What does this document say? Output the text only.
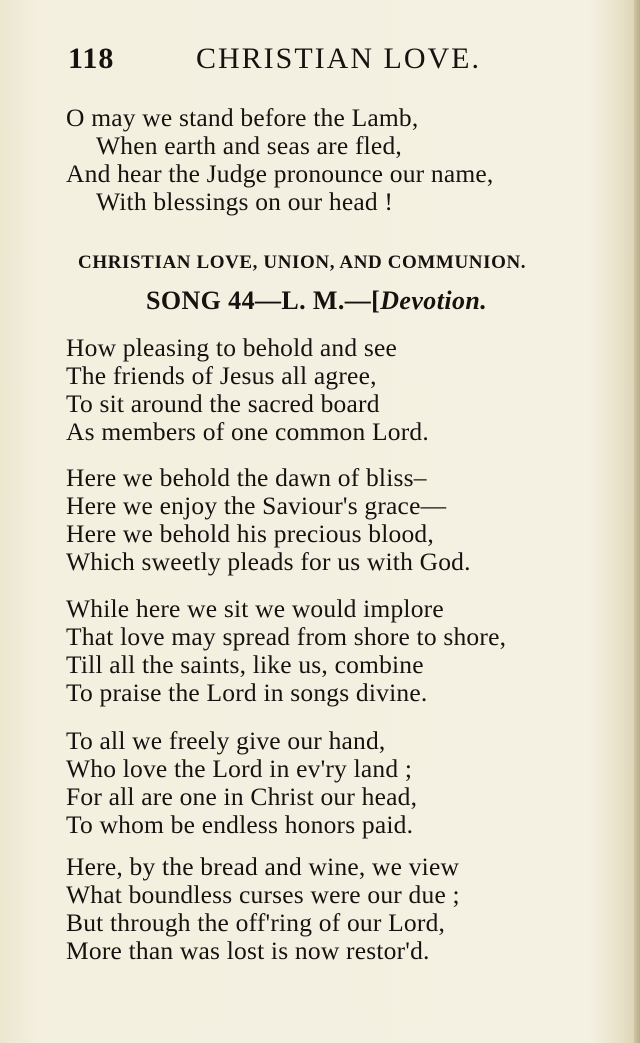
118	CHRISTIAN LOVE.
O may we stand before the Lamb,
When earth and seas are fled,
And hear the Judge pronounce our name,
With blessings on our head !
CHRISTIAN LOVE, UNION, AND COMMUNION.
SONG 44—L. M.—[Devotion.
How pleasing to behold and see
The friends of Jesus all agree,
To sit around the sacred board
As members of one common Lord.
Here we behold the dawn of bliss–
Here we enjoy the Saviour's grace—
Here we behold his precious blood,
Which sweetly pleads for us with God.
While here we sit we would implore
That love may spread from shore to shore,
Till all the saints, like us, combine
To praise the Lord in songs divine.
To all we freely give our hand,
Who love the Lord in ev'ry land ;
For all are one in Christ our head,
To whom be endless honors paid.
Here, by the bread and wine, we view
What boundless curses were our due ;
But through the off'ring of our Lord,
More than was lost is now restor'd.
